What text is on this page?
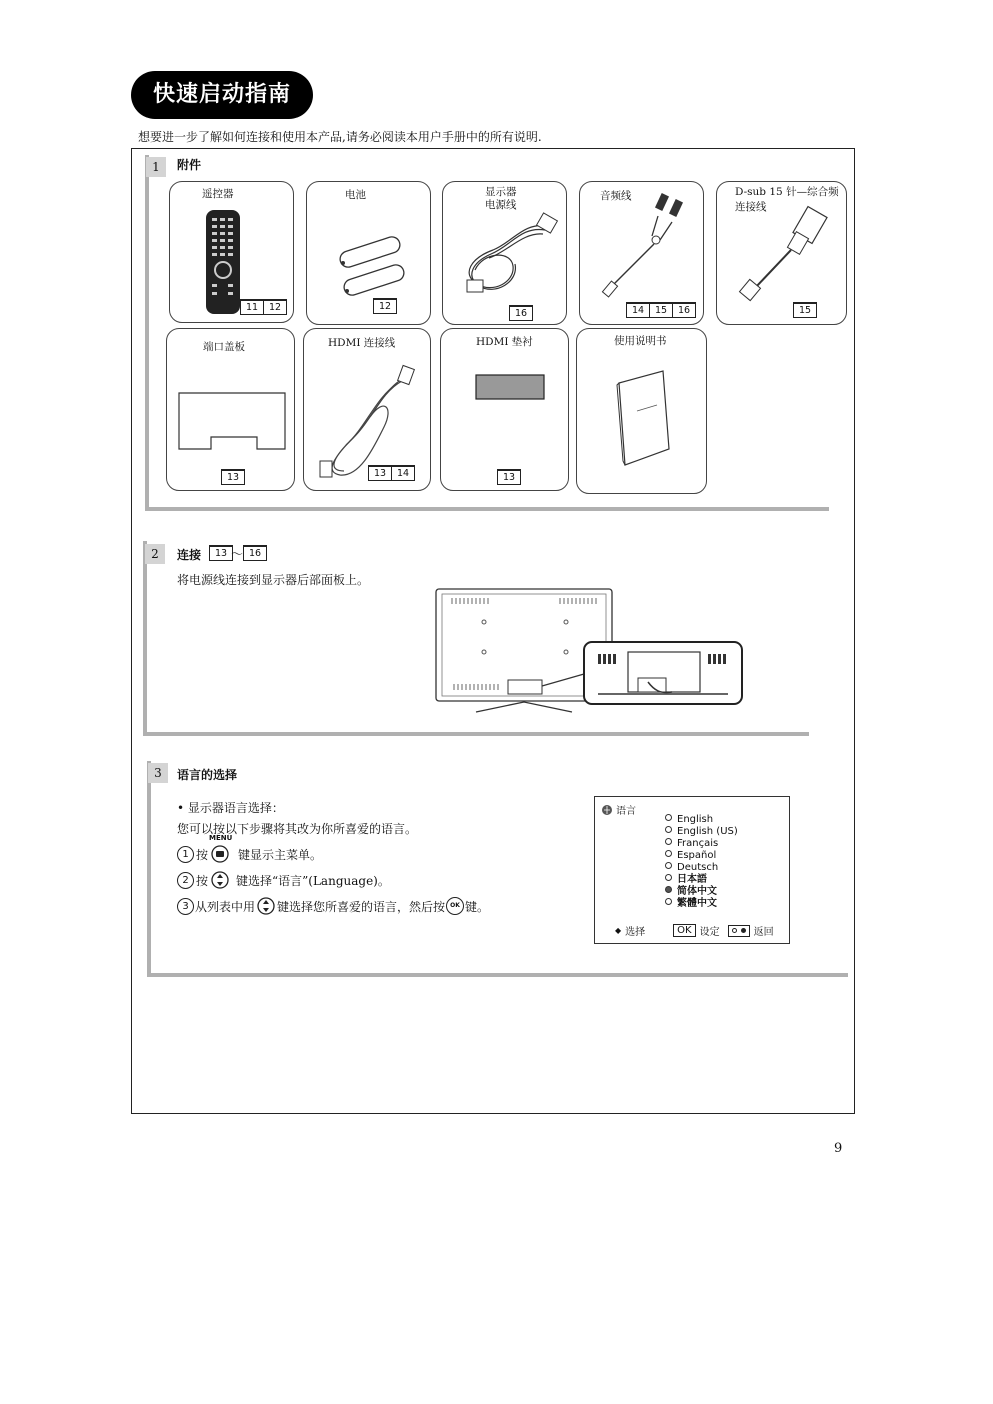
快速启动指南
想要进一步了解如何连接和使用本产品,请务必阅读本用户手册中的所有说明.
1	附件
遥控器
11	12
电池
12
显示器
电源线
16
音频线
14	15	16
D-sub 15 针—综合频
连接线
15
端口盖板
13
HDMI 连接线
13	14
HDMI 垫衬
13
使用说明书
2	连接	13 ～ 16
将电源线连接到显示器后部面板上。
3	语言的选择
• 显示器语言选择：
您可以按以下步骤将其改为你所喜爱的语言。
1 按
MENU
键显示主菜单。
2 按 键选择“语言”(Language)。
3 从列表中用 键选择您所喜爱的语言，然后按 OK 键。
语言
English
English (US)
Français
Español
Deutsch
日本語
简体中文
繁體中文
◆ 选择	OK 设定	返回
9
